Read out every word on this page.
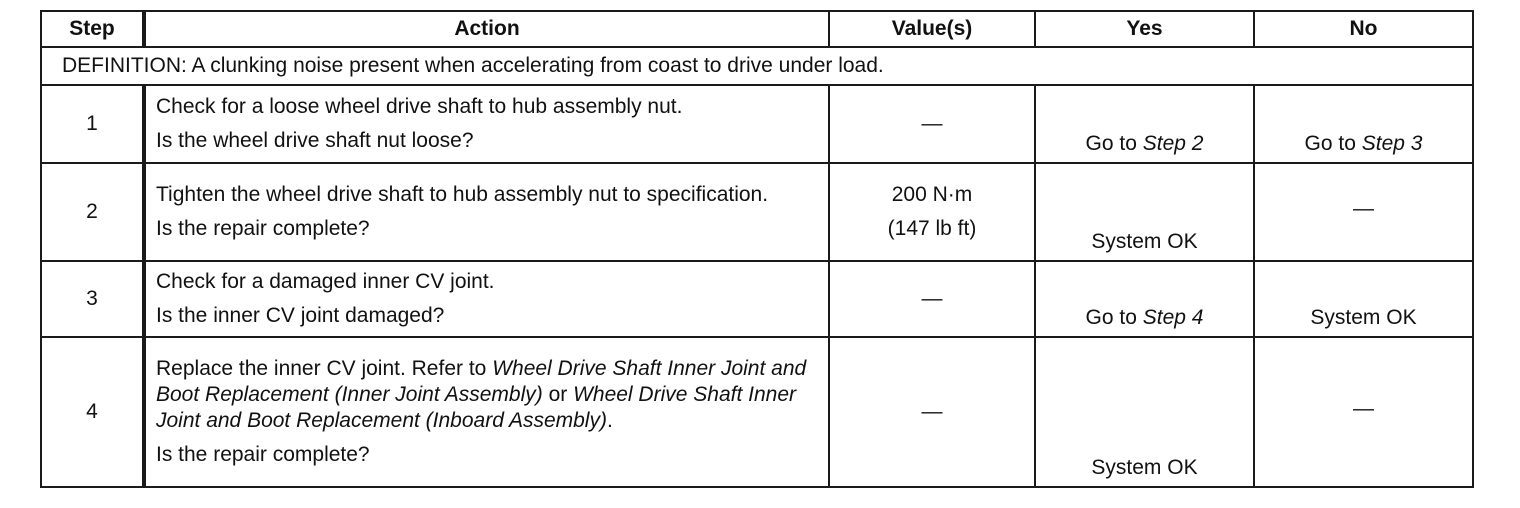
Step	Action	Value(s)	Yes	No
DEFINITION: A clunking noise present when accelerating from coast to drive under load.				
1	Check for a loose wheel drive shaft to hub assembly nut.
Is the wheel drive shaft nut loose?	—	Go to Step 2	Go to Step 3
2	Tighten the wheel drive shaft to hub assembly nut to specification.
Is the repair complete?	200 N·m
(147 lb ft)	System OK	—
3	Check for a damaged inner CV joint.
Is the inner CV joint damaged?	—	Go to Step 4	System OK
4	Replace the inner CV joint. Refer to Wheel Drive Shaft Inner Joint and Boot Replacement (Inner Joint Assembly) or Wheel Drive Shaft Inner Joint and Boot Replacement (Inboard Assembly).
Is the repair complete?	—	System OK	—
